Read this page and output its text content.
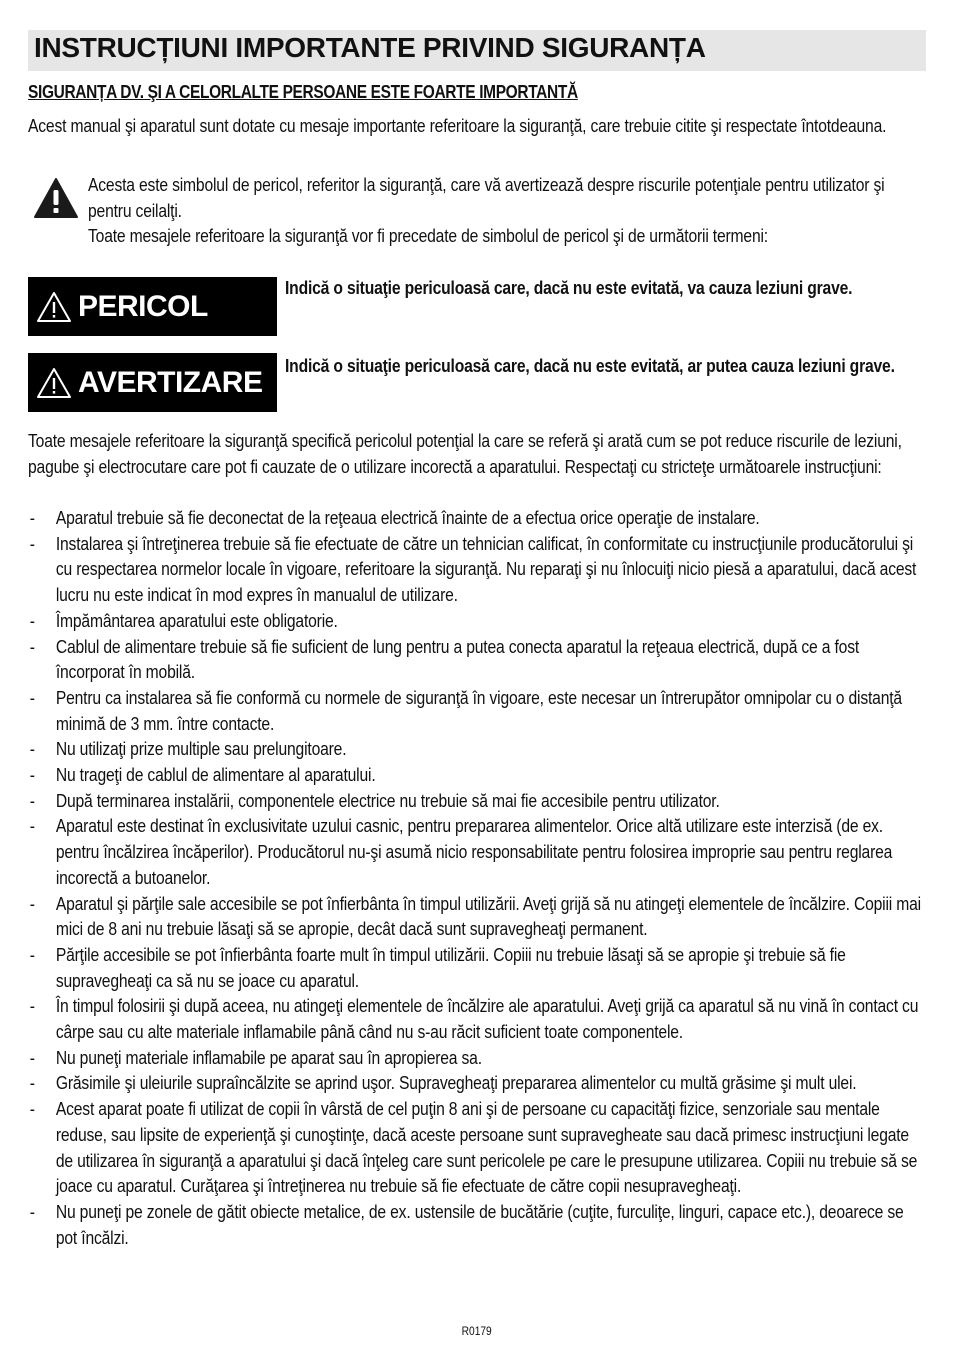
INSTRUCȚIUNI IMPORTANTE PRIVIND SIGURANȚA
SIGURANȚA DV. ŞI A CELORLALTE PERSOANE ESTE FOARTE IMPORTANTĂ
Acest manual şi aparatul sunt dotate cu mesaje importante referitoare la siguranţă, care trebuie citite şi respectate întotdeauna.
Acesta este simbolul de pericol, referitor la siguranţă, care vă avertizează despre riscurile potenţiale pentru utilizator şi pentru ceilalţi.
Toate mesajele referitoare la siguranţă vor fi precedate de simbolul de pericol şi de următorii termeni:
PERICOL
Indică o situaţie periculoasă care, dacă nu este evitată, va cauza leziuni grave.
AVERTIZARE Indică o situaţie periculoasă care, dacă nu este evitată, ar putea cauza leziuni grave.
Toate mesajele referitoare la siguranţă specifică pericolul potenţial la care se referă şi arată cum se pot reduce riscurile de leziuni, pagube şi electrocutare care pot fi cauzate de o utilizare incorectă a aparatului. Respectaţi cu stricteţe următoarele instrucţiuni:
- Aparatul trebuie să fie deconectat de la reţeaua electrică înainte de a efectua orice operaţie de instalare.
- Instalarea şi întreţinerea trebuie să fie efectuate de către un tehnician calificat, în conformitate cu instrucţiunile producătorului şi cu respectarea normelor locale în vigoare, referitoare la siguranţă. Nu reparaţi şi nu înlocuiţi nicio piesă a aparatului, dacă acest lucru nu este indicat în mod expres în manualul de utilizare.
- Împământarea aparatului este obligatorie.
- Cablul de alimentare trebuie să fie suficient de lung pentru a putea conecta aparatul la reţeaua electrică, după ce a fost încorporat în mobilă.
- Pentru ca instalarea să fie conformă cu normele de siguranţă în vigoare, este necesar un întrerupător omnipolar cu o distanţă minimă de 3 mm. între contacte.
- Nu utilizaţi prize multiple sau prelungitoare.
- Nu trageţi de cablul de alimentare al aparatului.
- După terminarea instalării, componentele electrice nu trebuie să mai fie accesibile pentru utilizator.
- Aparatul este destinat în exclusivitate uzului casnic, pentru prepararea alimentelor. Orice altă utilizare este interzisă (de ex. pentru încălzirea încăperilor). Producătorul nu-şi asumă nicio responsabilitate pentru folosirea improprie sau pentru reglarea incorectă a butoanelor.
- Aparatul şi părţile sale accesibile se pot înfierbânta în timpul utilizării. Aveţi grijă să nu atingeţi elementele de încălzire. Copiii mai mici de 8 ani nu trebuie lăsaţi să se apropie, decât dacă sunt supravegheaţi permanent.
- Părţile accesibile se pot înfierbânta foarte mult în timpul utilizării. Copiii nu trebuie lăsaţi să se apropie şi trebuie să fie supravegheaţi ca să nu se joace cu aparatul.
- În timpul folosirii şi după aceea, nu atingeţi elementele de încălzire ale aparatului. Aveţi grijă ca aparatul să nu vină în contact cu cârpe sau cu alte materiale inflamabile până când nu s-au răcit suficient toate componentele.
- Nu puneţi materiale inflamabile pe aparat sau în apropierea sa.
- Grăsimile şi uleiurile supraîncălzite se aprind uşor. Supravegheaţi prepararea alimentelor cu multă grăsime şi mult ulei.
- Acest aparat poate fi utilizat de copii în vârstă de cel puţin 8 ani şi de persoane cu capacităţi fizice, senzoriale sau mentale reduse, sau lipsite de experienţă şi cunoştinţe, dacă aceste persoane sunt supravegheate sau dacă primesc instrucţiuni legate de utilizarea în siguranţă a aparatului şi dacă înţeleg care sunt pericolele pe care le presupune utilizarea. Copiii nu trebuie să se joace cu aparatul. Curăţarea şi întreţinerea nu trebuie să fie efectuate de către copii nesupravegheaţi.
- Nu puneţi pe zonele de gătit obiecte metalice, de ex. ustensile de bucătărie (cuţite, furculiţe, linguri, capace etc.), deoarece se pot încălzi.
R0179
